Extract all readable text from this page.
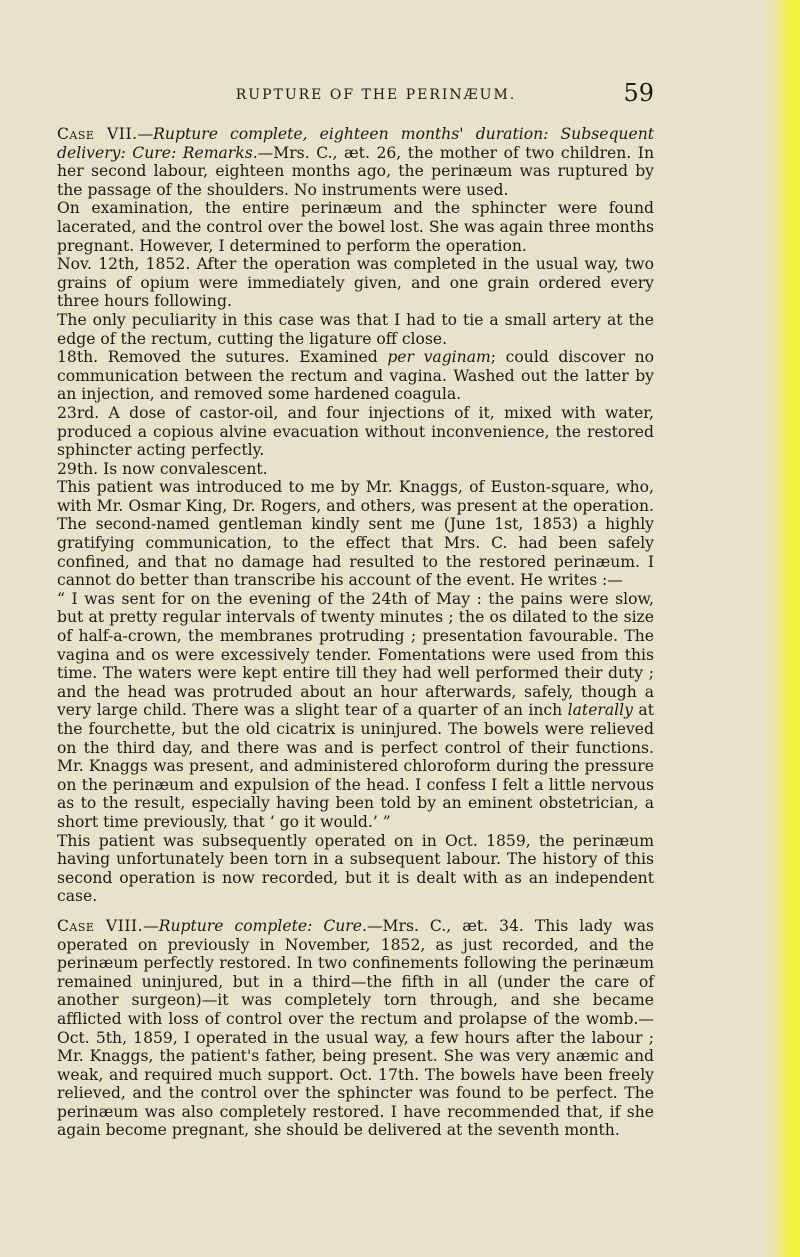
RUPTURE OF THE PERINÆUM.	59

Case VII.—Rupture complete, eighteen months' duration: Subsequent delivery: Cure: Remarks.—Mrs. C., æt. 26, the mother of two children. In her second labour, eighteen months ago, the perinæum was ruptured by the passage of the shoulders. No instruments were used.

On examination, the entire perinæum and the sphincter were found lacerated, and the control over the bowel lost. She was again three months pregnant. However, I determined to perform the operation.

Nov. 12th, 1852. After the operation was completed in the usual way, two grains of opium were immediately given, and one grain ordered every three hours following.

The only peculiarity in this case was that I had to tie a small artery at the edge of the rectum, cutting the ligature off close.

18th. Removed the sutures. Examined per vaginam; could discover no communication between the rectum and vagina. Washed out the latter by an injection, and removed some hardened coagula.

23rd. A dose of castor-oil, and four injections of it, mixed with water, produced a copious alvine evacuation without inconvenience, the restored sphincter acting perfectly.

29th. Is now convalescent.

This patient was introduced to me by Mr. Knaggs, of Euston-square, who, with Mr. Osmar King, Dr. Rogers, and others, was present at the operation. The second-named gentleman kindly sent me (June 1st, 1853) a highly gratifying communication, to the effect that Mrs. C. had been safely confined, and that no damage had resulted to the restored perinæum. I cannot do better than transcribe his account of the event. He writes :—

“ I was sent for on the evening of the 24th of May : the pains were slow, but at pretty regular intervals of twenty minutes ; the os dilated to the size of half-a-crown, the membranes protruding ; presentation favourable. The vagina and os were excessively tender. Fomentations were used from this time. The waters were kept entire till they had well performed their duty ; and the head was protruded about an hour afterwards, safely, though a very large child. There was a slight tear of a quarter of an inch laterally at the fourchette, but the old cicatrix is uninjured. The bowels were relieved on the third day, and there was and is perfect control of their functions. Mr. Knaggs was present, and administered chloroform during the pressure on the perinæum and expulsion of the head. I confess I felt a little nervous as to the result, especially having been told by an eminent obstetrician, a short time previously, that ‘ go it would.’ ”

This patient was subsequently operated on in Oct. 1859, the perinæum having unfortunately been torn in a subsequent labour. The history of this second operation is now recorded, but it is dealt with as an independent case.

Case VIII.—Rupture complete: Cure.—Mrs. C., æt. 34. This lady was operated on previously in November, 1852, as just recorded, and the perinæum perfectly restored. In two confinements following the perinæum remained uninjured, but in a third—the fifth in all (under the care of another surgeon)—it was completely torn through, and she became afflicted with loss of control over the rectum and prolapse of the womb.—Oct. 5th, 1859, I operated in the usual way, a few hours after the labour ; Mr. Knaggs, the patient's father, being present. She was very anæmic and weak, and required much support. Oct. 17th. The bowels have been freely relieved, and the control over the sphincter was found to be perfect. The perinæum was also completely restored. I have recommended that, if she again become pregnant, she should be delivered at the seventh month.
